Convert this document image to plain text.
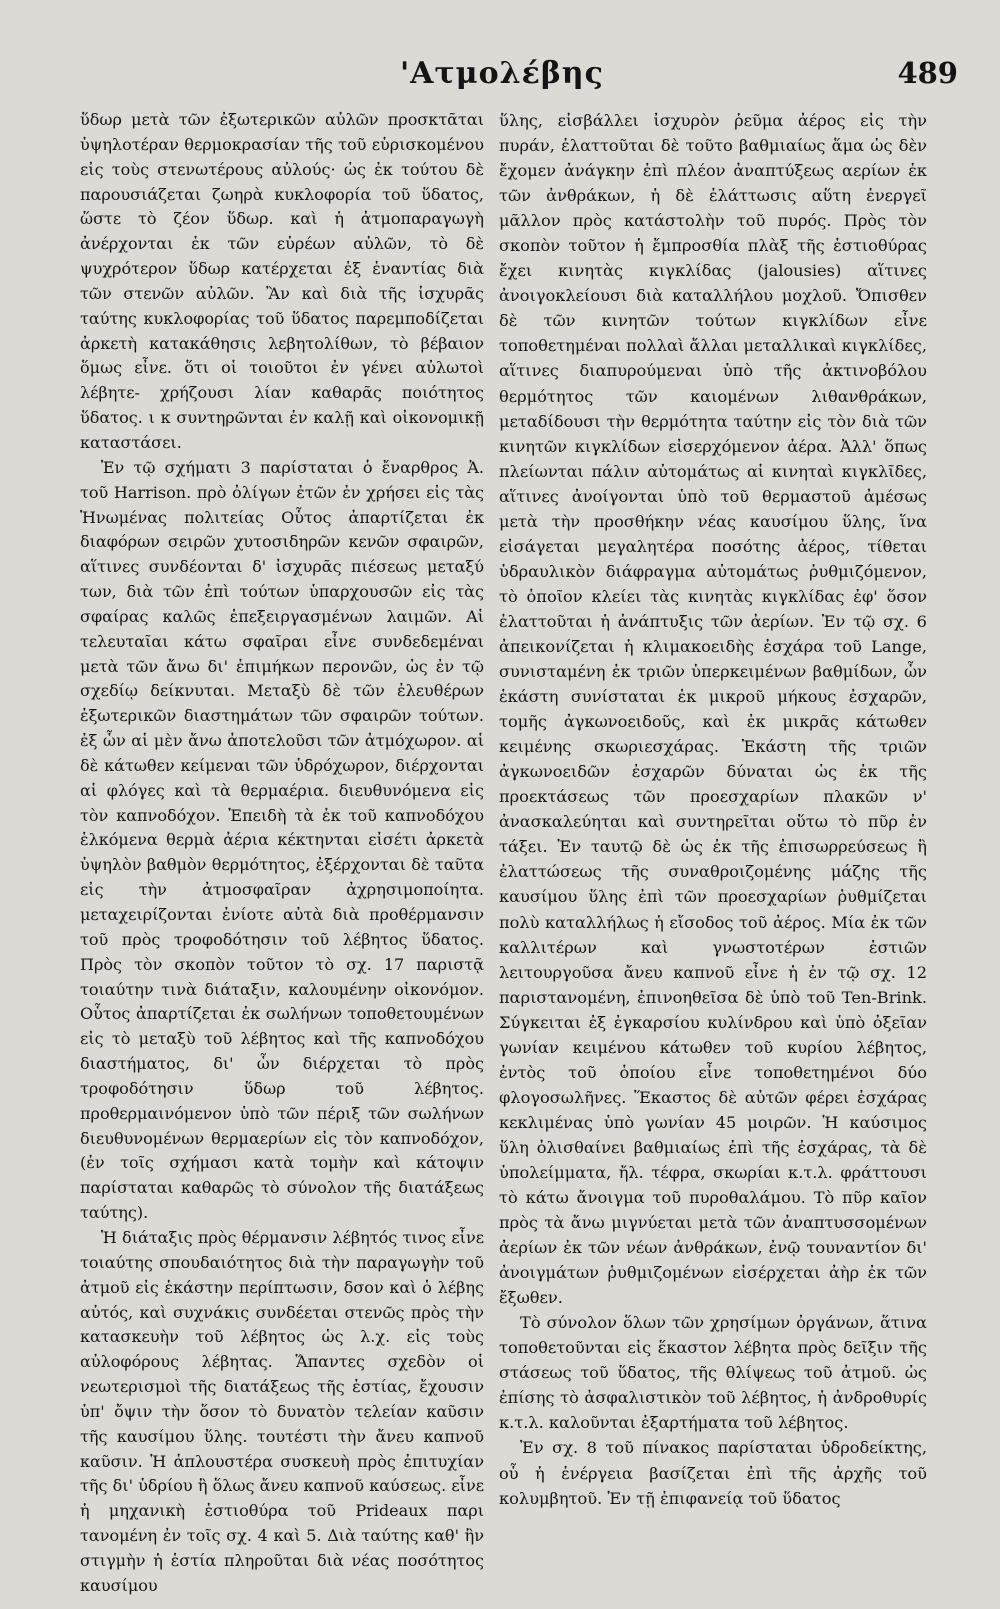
'Ατμολέβης	489

ὕδωρ μετὰ τῶν ἐξωτερικῶν αὐλῶν προσκτᾶται ὑψηλοτέραν θερμοκρασίαν τῆς τοῦ εὑρισκομένου εἰς τοὺς στενωτέρους αὐλούς· ὡς ἐκ τούτου δὲ παρουσιάζεται ζωηρὰ κυκλοφορία τοῦ ὕδατος, ὥστε τὸ ζέον ὕδωρ. καὶ ἡ ἀτμοπαραγωγὴ ἀνέρχονται ἐκ τῶν εὐρέων αὐλῶν, τὸ δὲ ψυχρότερον ὕδωρ κατέρχεται ἐξ ἐναντίας διὰ τῶν στενῶν αὐλῶν. Ἂν καὶ διὰ τῆς ἰσχυρᾶς ταύτης κυκλοφορίας τοῦ ὕδατος παρεμποδίζεται ἀρκετὴ κατακάθησις λεβητολίθων, τὸ βέβαιον ὅμως εἶνε. ὅτι οἱ τοιοῦτοι ἐν γένει αὐλωτοὶ λέβητε- χρήζουσι λίαν καθαρᾶς ποιότητος ὕδατος. ι κ συντηρῶνται ἐν καλῇ καὶ οἰκονομικῇ καταστάσει.

Ἐν τῷ σχήματι 3 παρίσταται ὁ ἔναρθρος Ἀ. τοῦ Harrison. πρὸ ὀλίγων ἐτῶν ἐν χρήσει εἰς τὰς Ἡνωμένας πολιτείας Οὗτος ἀπαρτίζεται ἐκ διαφόρων σειρῶν χυτοσιδηρῶν κενῶν σφαιρῶν, αἵτινες συνδέονται δ' ἰσχυρᾶς πιέσεως μεταξύ των, διὰ τῶν ἐπὶ τούτων ὑπαρχουσῶν εἰς τὰς σφαίρας καλῶς ἐπεξειργασμένων λαιμῶν. Αἱ τελευταῖαι κάτω σφαῖραι εἶνε συνδεδεμέναι μετὰ τῶν ἄνω δι' ἐπιμήκων περονῶν, ὡς ἐν τῷ σχεδίῳ δείκνυται. Μεταξὺ δὲ τῶν ἐλευθέρων ἐξωτερικῶν διαστημάτων τῶν σφαιρῶν τούτων. ἐξ ὧν αἱ μὲν ἄνω ἀποτελοῦσι τῶν ἀτμόχωρον. αἱ δὲ κάτωθεν κείμεναι τῶν ὑδρόχωρον, διέρχονται αἱ φλόγες καὶ τὰ θερμαέρια. διευθυνόμενα εἰς τὸν καπνοδόχον. Ἐπειδὴ τὰ ἐκ τοῦ καπνοδόχου ἑλκόμενα θερμὰ ἀέρια κέκτηνται εἰσέτι ἀρκετὰ ὑψηλὸν βαθμὸν θερμότητος, ἐξέρχονται δὲ ταῦτα εἰς τὴν ἀτμοσφαῖραν ἀχρησιμοποίητα. μεταχειρίζονται ἐνίοτε αὐτὰ διὰ προθέρμανσιν τοῦ πρὸς τροφοδότησιν τοῦ λέβητος ὕδατος. Πρὸς τὸν σκοπὸν τοῦτον τὸ σχ. 17 παριστᾷ τοιαύτην τινὰ διάταξιν, καλουμένην οἰκονόμον. Οὗτος ἀπαρτίζεται ἐκ σωλήνων τοποθετουμένων εἰς τὸ μεταξὺ τοῦ λέβητος καὶ τῆς καπνοδόχου διαστήματος, δι' ὧν διέρχεται τὸ πρὸς τροφοδότησιν ὕδωρ τοῦ λέβητος. προθερμαινόμενον ὑπὸ τῶν πέριξ τῶν σωλήνων διευθυνομένων θερμαερίων εἰς τὸν καπνοδόχον, (ἐν τοῖς σχήμασι κατὰ τομὴν καὶ κάτοψιν παρίσταται καθαρῶς τὸ σύνολον τῆς διατάξεως ταύτης).

Ἡ διάταξις πρὸς θέρμανσιν λέβητός τινος εἶνε τοιαύτης σπουδαιότητος διὰ τὴν παραγωγὴν τοῦ ἀτμοῦ εἰς ἑκάστην περίπτωσιν, δσον καὶ ὁ λέβης αὐτός, καὶ συχνάκις συνδέεται στενῶς πρὸς τὴν κατασκευὴν τοῦ λέβητος ὡς λ.χ. εἰς τοὺς αὐλοφόρους λέβητας. Ἅπαντες σχεδὸν οἱ νεωτερισμοὶ τῆς διατάξεως τῆς ἑστίας, ἔχουσιν ὑπ' ὄψιν τὴν ὅσον τὸ δυνατὸν τελείαν καῦσιν τῆς καυσίμου ὕλης. τουτέστι τὴν ἄνευ καπνοῦ καῦσιν. Ἡ ἁπλουστέρα συσκευὴ πρὸς ἐπιτυχίαν τῆς δι' ὑδρίου ἢ ὅλως ἄνευ καπνοῦ καύσεως. εἶνε ἡ μηχανικὴ ἑστιοθύρα τοῦ Prideaux παρι τανομένη ἐν τοῖς σχ. 4 καὶ 5. Διὰ ταύτης καθ' ἣν στιγμὴν ἡ ἑστία πληροῦται διὰ νέας ποσότητος καυσίμου

ὕλης, εἰσβάλλει ἰσχυρὸν ῥεῦμα ἀέρος εἰς τὴν πυράν, ἐλαττοῦται δὲ τοῦτο βαθμιαίως ἅμα ὡς δὲν ἔχομεν ἀνάγκην ἐπὶ πλέον ἀναπτύξεως αερίων ἐκ τῶν ἀνθράκων, ἡ δὲ ἐλάττωσις αὕτη ἐνεργεῖ μᾶλλον πρὸς κατάστολὴν τοῦ πυρός. Πρὸς τὸν σκοπὸν τοῦτον ἡ ἔμπροσθία πλὰξ τῆς ἑστιοθύρας ἔχει κινητὰς κιγκλίδας (jalousies) αἵτινες ἀνοιγοκλείουσι διὰ καταλλήλου μοχλοῦ. Ὄπισθεν δὲ τῶν κινητῶν τούτων κιγκλίδων εἶνε τοποθετημέναι πολλαὶ ἄλλαι μεταλλικαὶ κιγκλίδες, αἵτινες διαπυρούμεναι ὑπὸ τῆς ἀκτινοβόλου θερμότητος τῶν καιομένων λιθανθράκων, μεταδίδουσι τὴν θερμότητα ταύτην εἰς τὸν διὰ τῶν κινητῶν κιγκλίδων εἰσερχόμενον ἀέρα. Ἀλλ' ὅπως πλείωνται πάλιν αὐτομάτως αἱ κινηταὶ κιγκλῖδες, αἵτινες ἀνοίγονται ὑπὸ τοῦ θερμαστοῦ ἀμέσως μετὰ τὴν προσθήκην νέας καυσίμου ὕλης, ἵνα εἰσάγεται μεγαλητέρα ποσότης ἀέρος, τίθεται ὑδραυλικὸν διάφραγμα αὐτομάτως ῥυθμιζόμενον, τὸ ὁποῖον κλείει τὰς κινητὰς κιγκλίδας ἐφ' ὅσον ἐλαττοῦται ἡ ἀνάπτυξις τῶν ἀερίων. Ἐν τῷ σχ. 6 ἀπεικονίζεται ἡ κλιμακοειδὴς ἐσχάρα τοῦ Lange, συνισταμένη ἐκ τριῶν ὑπερκειμένων βαθμίδων, ὧν ἑκάστη συνίσταται ἐκ μικροῦ μήκους ἐσχαρῶν, τομῆς ἀγκωνοειδοῦς, καὶ ἐκ μικρᾶς κάτωθεν κειμένης σκωριεσχάρας. Ἑκάστη τῆς τριῶν ἀγκωνοειδῶν ἐσχαρῶν δύναται ὡς ἐκ τῆς προεκτάσεως τῶν προεσχαρίων πλακῶν ν' ἀνασκαλεύηται καὶ συντηρεῖται οὕτω τὸ πῦρ ἐν τάξει. Ἐν ταυτῷ δὲ ὡς ἐκ τῆς ἐπισωρρεύσεως ἢ ἐλαττώσεως τῆς συναθροιζομένης μάζης τῆς καυσίμου ὕλης ἐπὶ τῶν προεσχαρίων ῥυθμίζεται πολὺ καταλλήλως ἡ εἴσοδος τοῦ ἀέρος. Μία ἐκ τῶν καλλιτέρων καὶ γνωστοτέρων ἑστιῶν λειτουργοῦσα ἄνευ καπνοῦ εἶνε ἡ ἐν τῷ σχ. 12 παριστανομένη, ἐπινοηθεῖσα δὲ ὑπὸ τοῦ Ten-Brink. Σύγκειται ἐξ ἐγκαρσίου κυλίνδρου καὶ ὑπὸ ὀξεῖαν γωνίαν κειμένου κάτωθεν τοῦ κυρίου λέβητος, ἐντὸς τοῦ ὁποίου εἶνε τοποθετημένοι δύο φλογοσωλῆνες. Ἕκαστος δὲ αὐτῶν φέρει ἐσχάρας κεκλιμένας ὑπὸ γωνίαν 45 μοιρῶν. Ἡ καύσιμος ὕλη ὀλισθαίνει βαθμιαίως ἐπὶ τῆς ἐσχάρας, τὰ δὲ ὑπολείμματα, ἤλ. τέφρα, σκωρίαι κ.τ.λ. φράττουσι τὸ κάτω ἄνοιγμα τοῦ πυροθαλάμου. Τὸ πῦρ καῖον πρὸς τὰ ἄνω μιγνύεται μετὰ τῶν ἀναπτυσσομένων ἀερίων ἐκ τῶν νέων ἀνθράκων, ἐνῷ τουναντίον δι' ἀνοιγμάτων ῥυθμιζομένων εἰσέρχεται ἀὴρ ἐκ τῶν ἔξωθεν.

Τὸ σύνολον ὅλων τῶν χρησίμων ὀργάνων, ἅτινα τοποθετοῦνται εἰς ἕκαστον λέβητα πρὸς δεῖξιν τῆς στάσεως τοῦ ὕδατος, τῆς θλίψεως τοῦ ἀτμοῦ. ὡς ἐπίσης τὸ ἀσφαλιστικὸν τοῦ λέβητος, ἡ ἀνδροθυρίς κ.τ.λ. καλοῦνται ἐξαρτήματα τοῦ λέβητος.

Ἐν σχ. 8 τοῦ πίνακος παρίσταται ὑδροδείκτης, οὗ ἡ ἐνέργεια βασίζεται ἐπὶ τῆς ἀρχῆς τοῦ κολυμβητοῦ. Ἐν τῇ ἐπιφανείᾳ τοῦ ὕδατος
